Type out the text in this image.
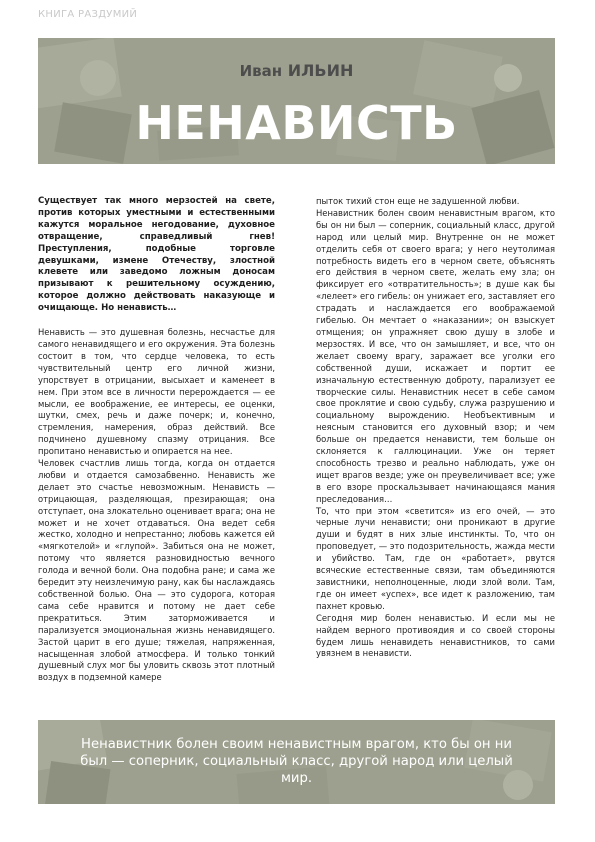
КНИГА РАЗДУМИЙ
Иван ИЛЬИН
НЕНАВИСТЬ

Существует так много мерзостей на свете, против которых уместными и естественными кажутся моральное негодование, духовное отвращение, справедливый гнев! Преступления, подобные торговле девушками, измене Отечеству, злостной клевете или заведомо ложным доносам призывают к решительному осуждению, которое должно действовать наказующе и очищающе. Но ненависть…

Ненависть — это душевная болезнь, несчастье для самого ненавидящего и его окружения. Эта болезнь состоит в том, что сердце человека, то есть чувствительный центр его личной жизни, упорствует в отрицании, высыхает и каменеет в нем. При этом все в личности перерождается — ее мысли, ее воображение, ее интересы, ее оценки, шутки, смех, речь и даже почерк; и, конечно, стремления, намерения, образ действий. Все подчинено душевному спазму отрицания. Все пропитано ненавистью и опирается на нее.

Человек счастлив лишь тогда, когда он отдается любви и отдается самозабвенно. Ненависть же делает это счастье невозможным. Ненависть — отрицающая, разделяющая, презирающая; она отступает, она злокательно оценивает врага; она не может и не хочет отдаваться. Она ведет себя жестко, холодно и непрестанно; любовь кажется ей «мягкотелой» и «глупой». Забиться она не может, потому что является разновидностью вечного голода и вечной боли. Она подобна ране; и сама же бередит эту неизлечимую рану, как бы наслаждаясь собственной болью. Она — это судорога, которая сама себе нравится и потому не дает себе прекратиться. Этим заторможивается и парализуется эмоциональная жизнь ненавидящего. Застой царит в его душе; тяжелая, напряженная, насыщенная злобой атмосфера. И только тонкий душевный слух мог бы уловить сквозь этот плотный воздух в подземной камере

пыток тихий стон еще не задушенной любви.

Ненавистник болен своим ненавистным врагом, кто бы он ни был — соперник, социальный класс, другой народ или целый мир. Внутренне он не может отделить себя от своего врага; у него неутолимая потребность видеть его в черном свете, объяснять его действия в черном свете, желать ему зла; он фиксирует его «отвратительность»; в душе как бы «лелеет» его гибель: он унижает его, заставляет его страдать и наслаждается его воображаемой гибелью. Он мечтает о «наказании»; он взыскует отмщения; он упражняет свою душу в злобе и мерзостях. И все, что он замышляет, и все, что он желает своему врагу, заражает все уголки его собственной души, искажает и портит ее изначальную естественную доброту, парализует ее творческие силы. Ненавистник несет в себе самом свое проклятие и свою судьбу, служа разрушению и социальному вырождению. Необъективным и неясным становится его духовный взор; и чем больше он предается ненависти, тем больше он склоняется к галлюцинации. Уже он теряет способность трезво и реально наблюдать, уже он ищет врагов везде; уже он преувеличивает все; уже в его взоре проскальзывает начинающаяся мания преследования…

То, что при этом «светится» из его очей, — это черные лучи ненависти; они проникают в другие души и будят в них злые инстинкты. То, что он проповедует, — это подозрительность, жажда мести и убийство. Там, где он «работает», рвутся всяческие естественные связи, там объединяются завистники, неполноценные, люди злой воли. Там, где он имеет «успех», все идет к разложению, там пахнет кровью.

Сегодня мир болен ненавистью. И если мы не найдем верного противоядия и со своей стороны будем лишь ненавидеть ненавистников, то сами увязнем в ненависти.

Ненавистник болен своим ненавистным врагом, кто бы он ни был — соперник, социальный класс, другой народ или целый мир.
